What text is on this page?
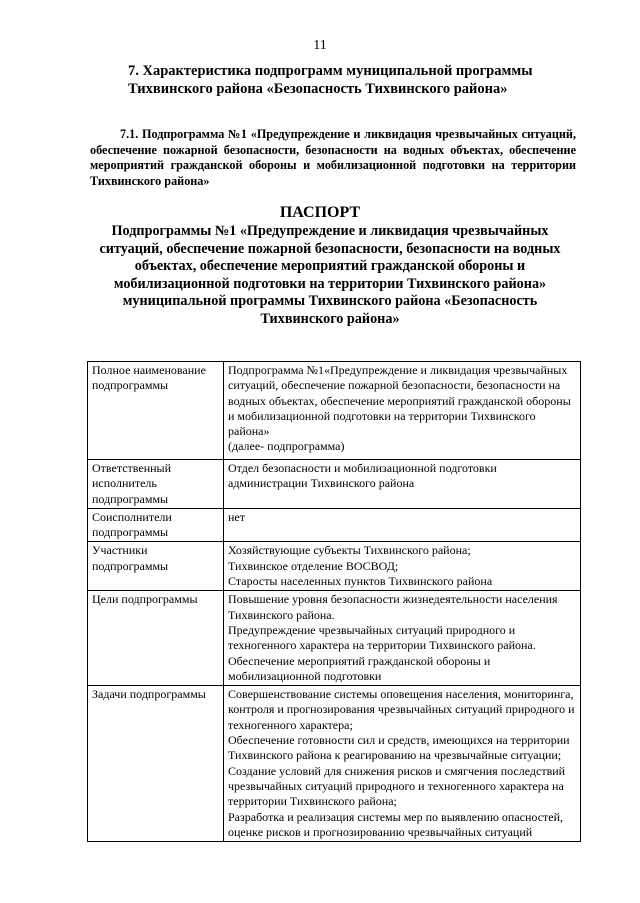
11
7. Характеристика подпрограмм муниципальной программы Тихвинского района «Безопасность Тихвинского района»
7.1. Подпрограмма №1 «Предупреждение и ликвидация чрезвычайных ситуаций, обеспечение пожарной безопасности, безопасности на водных объектах, обеспечение мероприятий гражданской обороны и мобилизационной подготовки на территории Тихвинского района»
ПАСПОРТ
Подпрограммы №1 «Предупреждение и ликвидация чрезвычайных ситуаций, обеспечение пожарной безопасности, безопасности на водных объектах, обеспечение мероприятий гражданской обороны и мобилизационной подготовки на территории Тихвинского района» муниципальной программы Тихвинского района «Безопасность Тихвинского района»
Полное наименование подпрограммы	Подпрограмма №1«Предупреждение и ликвидация чрезвычайных ситуаций, обеспечение пожарной безопасности, безопасности на водных объектах, обеспечение мероприятий гражданской обороны и мобилизационной подготовки на территории Тихвинского района»
(далее- подпрограмма)

Ответственный исполнитель подпрограммы	Отдел безопасности и мобилизационной подготовки администрации Тихвинского района

Соисполнители подпрограммы	нет

Участники подпрограммы	Хозяйствующие субъекты Тихвинского района;
Тихвинское отделение ВОСВОД;
Старосты населенных пунктов Тихвинского района

Цели подпрограммы	Повышение уровня безопасности жизнедеятельности населения Тихвинского района.
Предупреждение чрезвычайных ситуаций природного и техногенного характера на территории Тихвинского района.
Обеспечение мероприятий гражданской обороны и мобилизационной подготовки

Задачи подпрограммы	Совершенствование системы оповещения населения, мониторинга, контроля и прогнозирования чрезвычайных ситуаций природного и техногенного характера;
Обеспечение готовности сил и средств, имеющихся на территории Тихвинского района к реагированию на чрезвычайные ситуации;
Создание условий для снижения рисков и смягчения последствий чрезвычайных ситуаций природного и техногенного характера на территории Тихвинского района;
Разработка и реализация системы мер по выявлению опасностей, оценке рисков и прогнозированию чрезвычайных ситуаций
